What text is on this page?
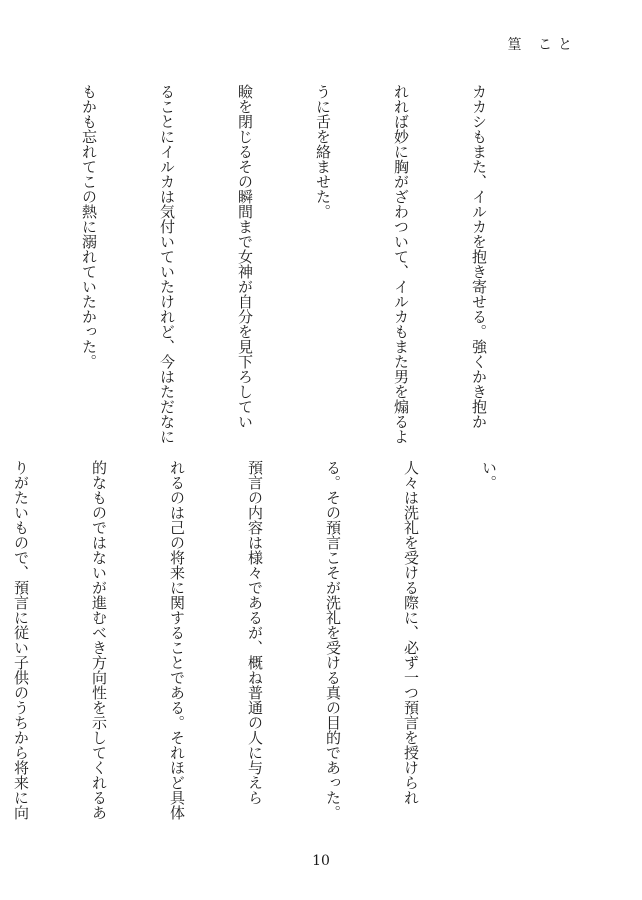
篁 こと

カカシもまた、イルカを抱き寄せる。強くかき抱か

れれば妙に胸がざわついて、イルカもまた男を煽るよ

うに舌を絡ませた。

瞼を閉じるその瞬間まで女神が自分を見下ろしてい

ることにイルカは気付いていたけれど、今はただなに

もかも忘れてこの熱に溺れていたかった。

い。

人々は洗礼を受ける際に、必ず一つ預言を授けられ

る。その預言こそが洗礼を受ける真の目的であった。

預言の内容は様々であるが、概ね普通の人に与えら

れるのは己の将来に関することである。それほど具体

的なものではないが進むべき方向性を示してくれるあ

りがたいもので、預言に従い子供のうちから将来に向

10
